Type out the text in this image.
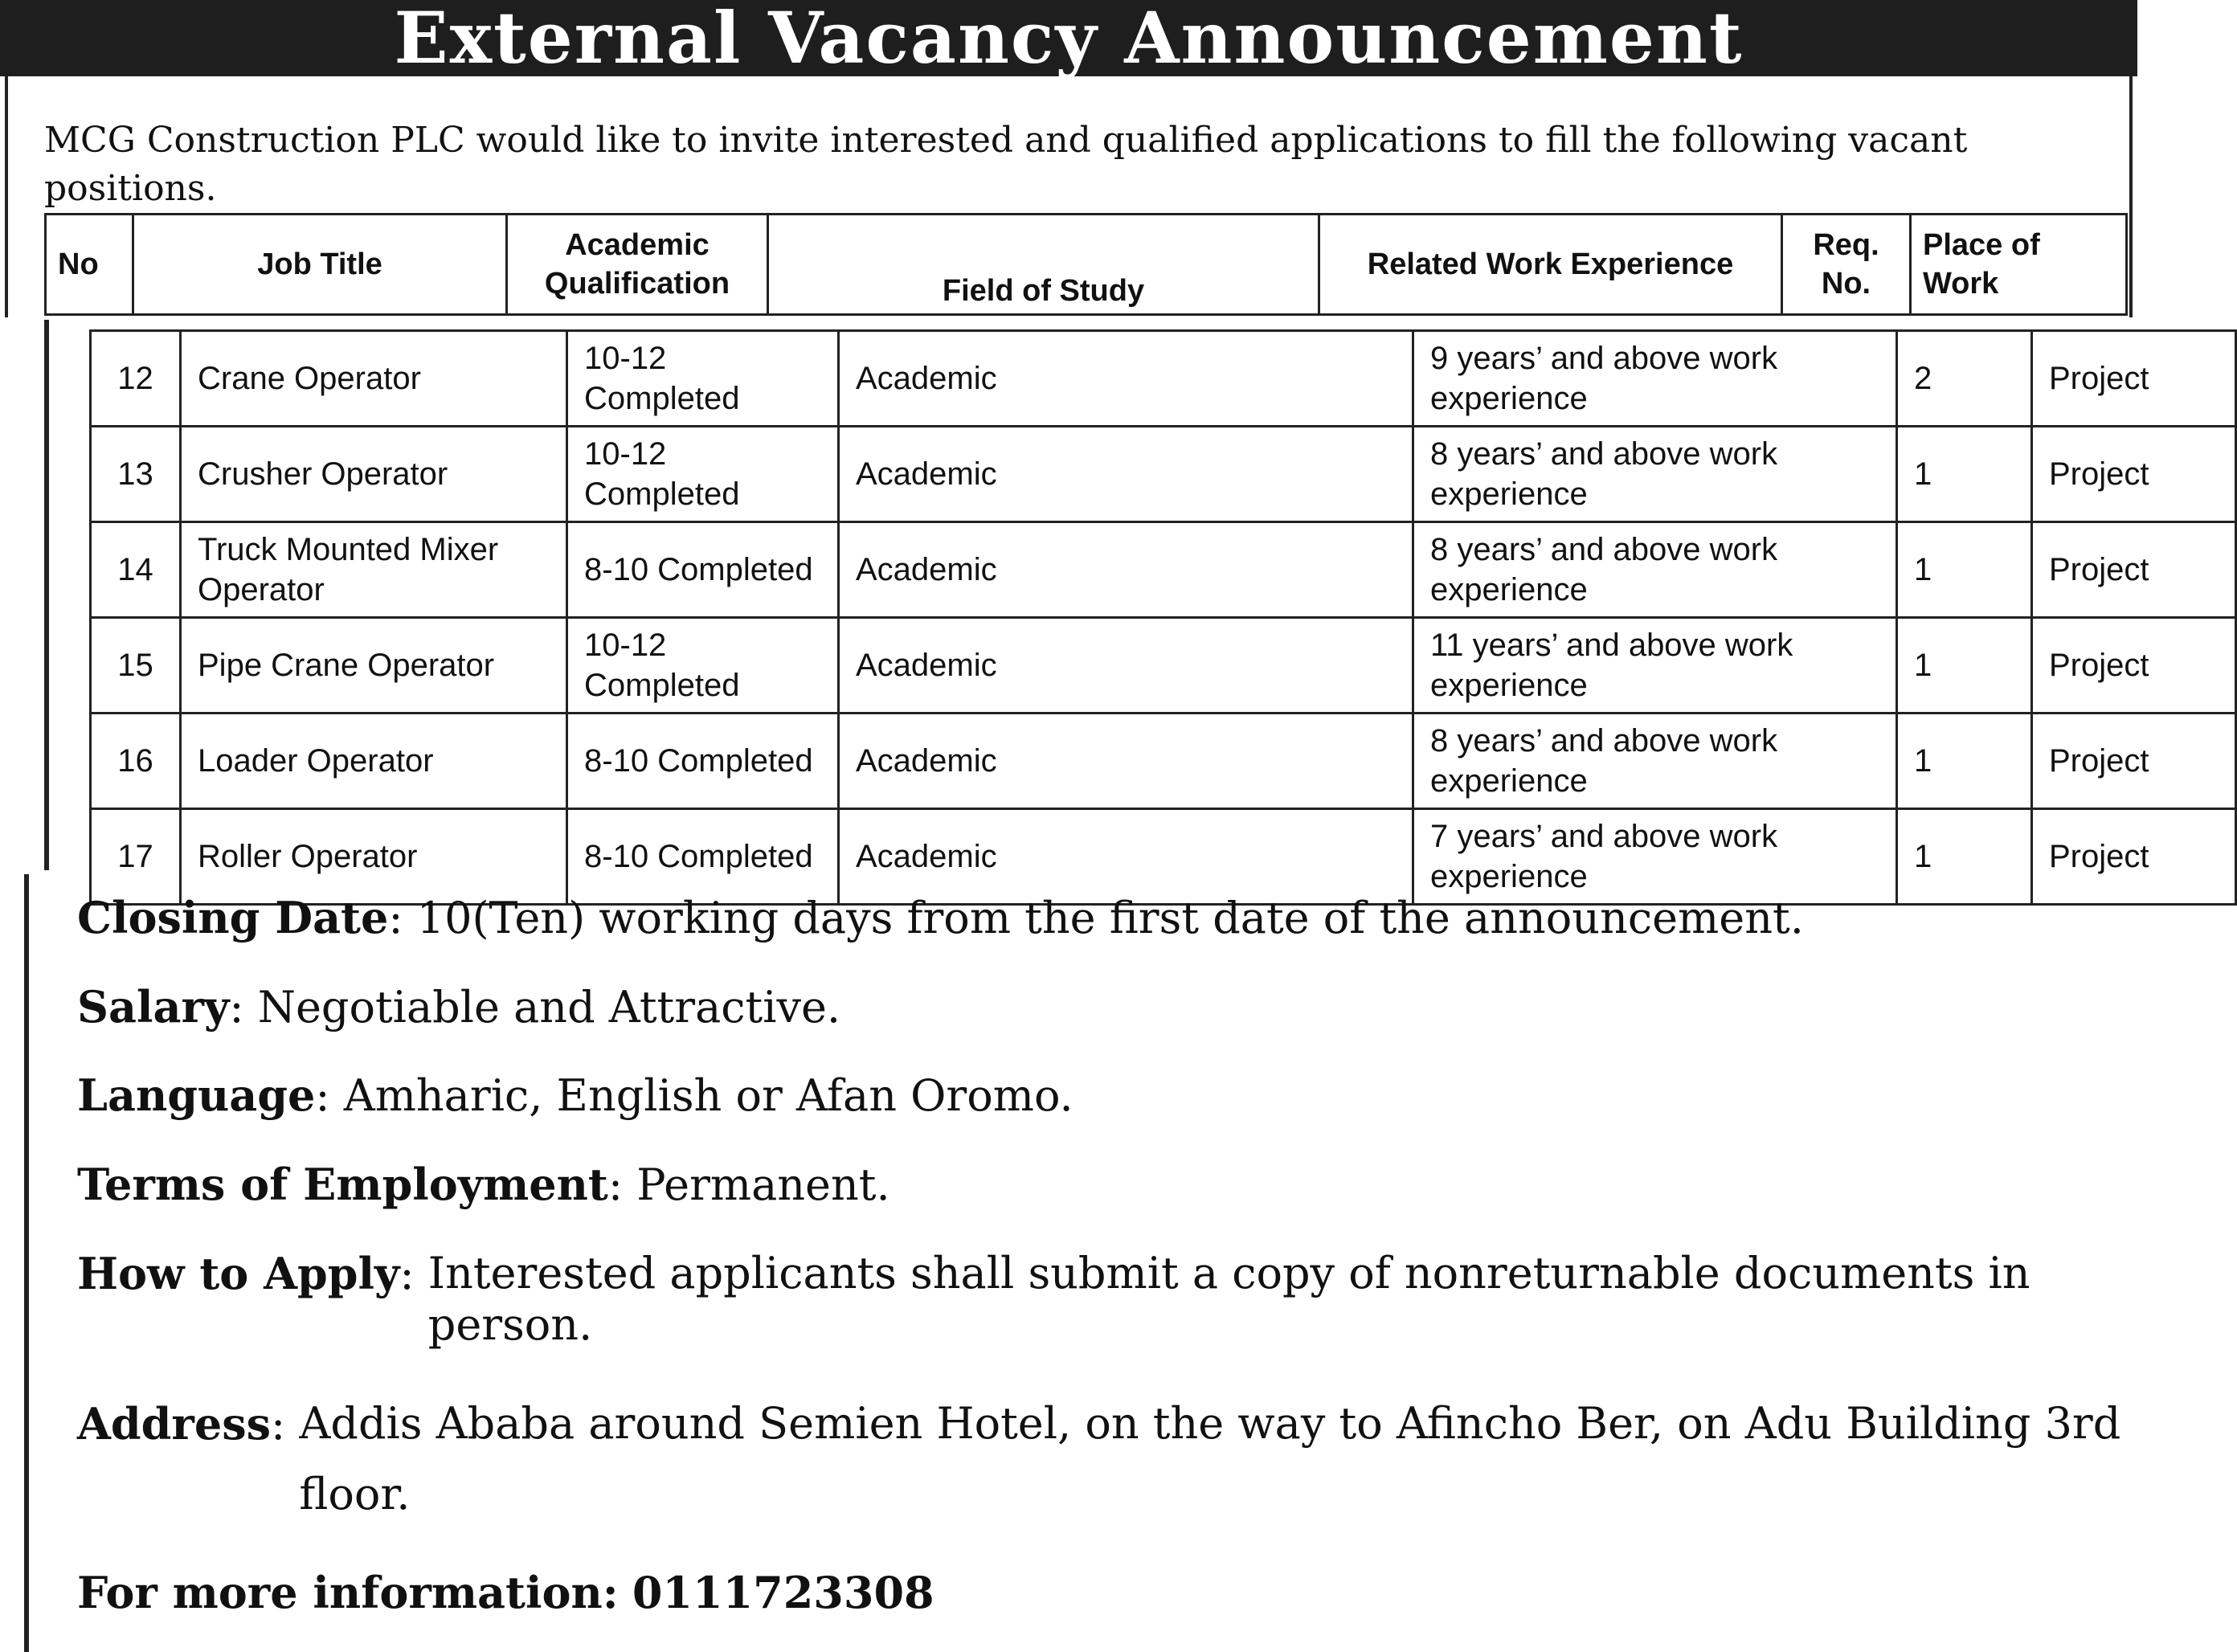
External Vacancy Announcement
MCG Construction PLC would like to invite interested and qualified applications to fill the following vacant positions.
No	Job Title	Academic Qualification	Field of Study	Related Work Experience	Req. No.	Place of Work
12	Crane Operator	10-12 Completed	Academic	9 years’ and above work experience	2	Project
13	Crusher Operator	10-12 Completed	Academic	8 years’ and above work experience	1	Project
14	Truck Mounted Mixer Operator	8-10 Completed	Academic	8 years’ and above work experience	1	Project
15	Pipe Crane Operator	10-12 Completed	Academic	11 years’ and above work experience	1	Project
16	Loader Operator	8-10 Completed	Academic	8 years’ and above work experience	1	Project
17	Roller Operator	8-10 Completed	Academic	7 years’ and above work experience	1	Project
Closing Date: 10(Ten) working days from the first date of the announcement.
Salary: Negotiable and Attractive.
Language: Amharic, English or Afan Oromo.
Terms of Employment: Permanent.
How to Apply: Interested applicants shall submit a copy of nonreturnable documents in person.
Address: Addis Ababa around Semien Hotel, on the way to Afincho Ber, on Adu Building 3rd floor.
For more information: 0111723308
